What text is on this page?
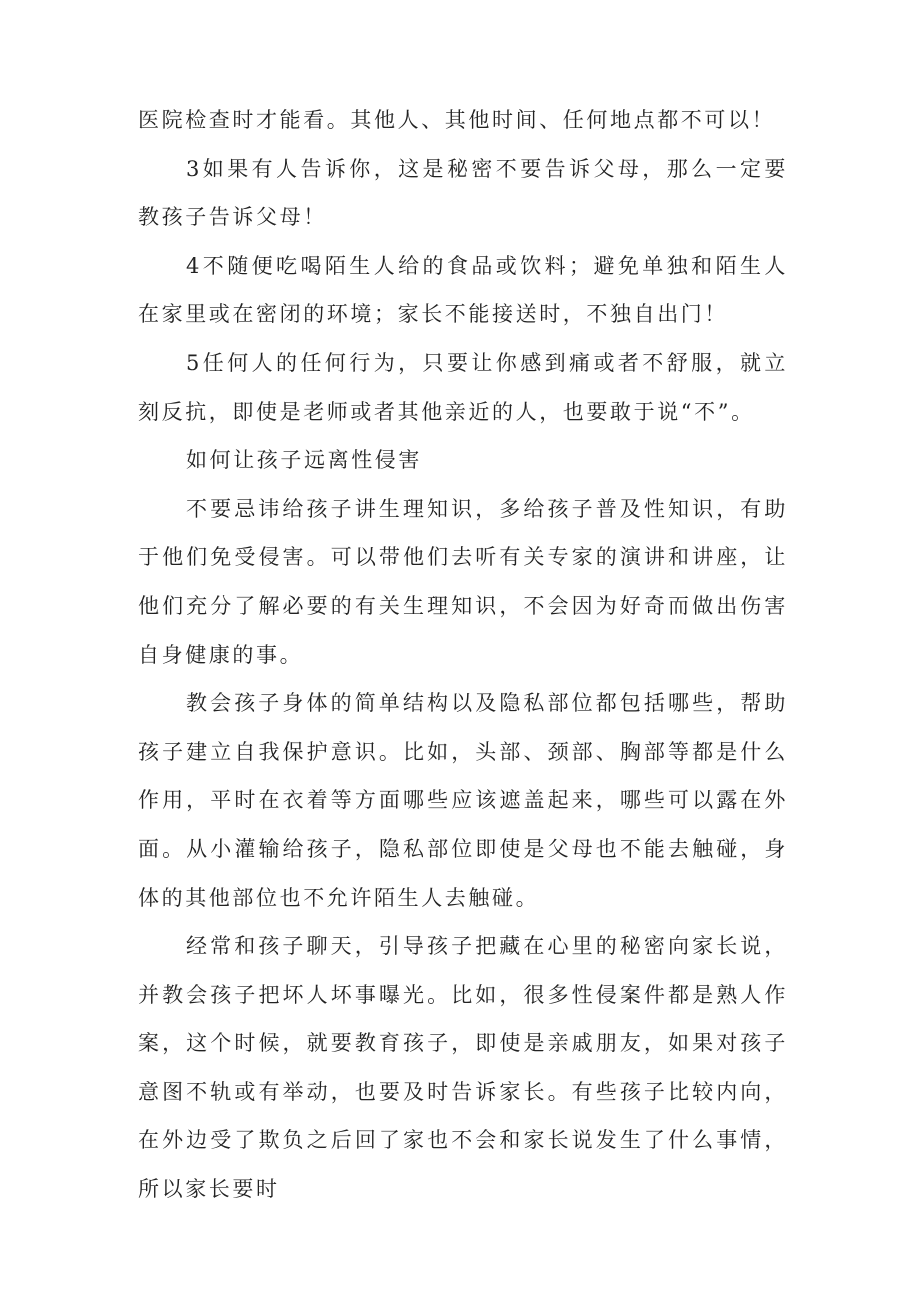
医院检查时才能看。其他人、其他时间、任何地点都不可以！

3如果有人告诉你，这是秘密不要告诉父母，那么一定要教孩子告诉父母！

4不随便吃喝陌生人给的食品或饮料；避免单独和陌生人在家里或在密闭的环境；家长不能接送时，不独自出门！

5任何人的任何行为，只要让你感到痛或者不舒服，就立刻反抗，即使是老师或者其他亲近的人，也要敢于说“不”。

如何让孩子远离性侵害

不要忌讳给孩子讲生理知识，多给孩子普及性知识，有助于他们免受侵害。可以带他们去听有关专家的演讲和讲座，让他们充分了解必要的有关生理知识，不会因为好奇而做出伤害自身健康的事。

教会孩子身体的简单结构以及隐私部位都包括哪些，帮助孩子建立自我保护意识。比如，头部、颈部、胸部等都是什么作用，平时在衣着等方面哪些应该遮盖起来，哪些可以露在外面。从小灌输给孩子，隐私部位即使是父母也不能去触碰，身体的其他部位也不允许陌生人去触碰。

经常和孩子聊天，引导孩子把藏在心里的秘密向家长说，并教会孩子把坏人坏事曝光。比如，很多性侵案件都是熟人作案，这个时候，就要教育孩子，即使是亲戚朋友，如果对孩子意图不轨或有举动，也要及时告诉家长。有些孩子比较内向，在外边受了欺负之后回了家也不会和家长说发生了什么事情，所以家长要时
